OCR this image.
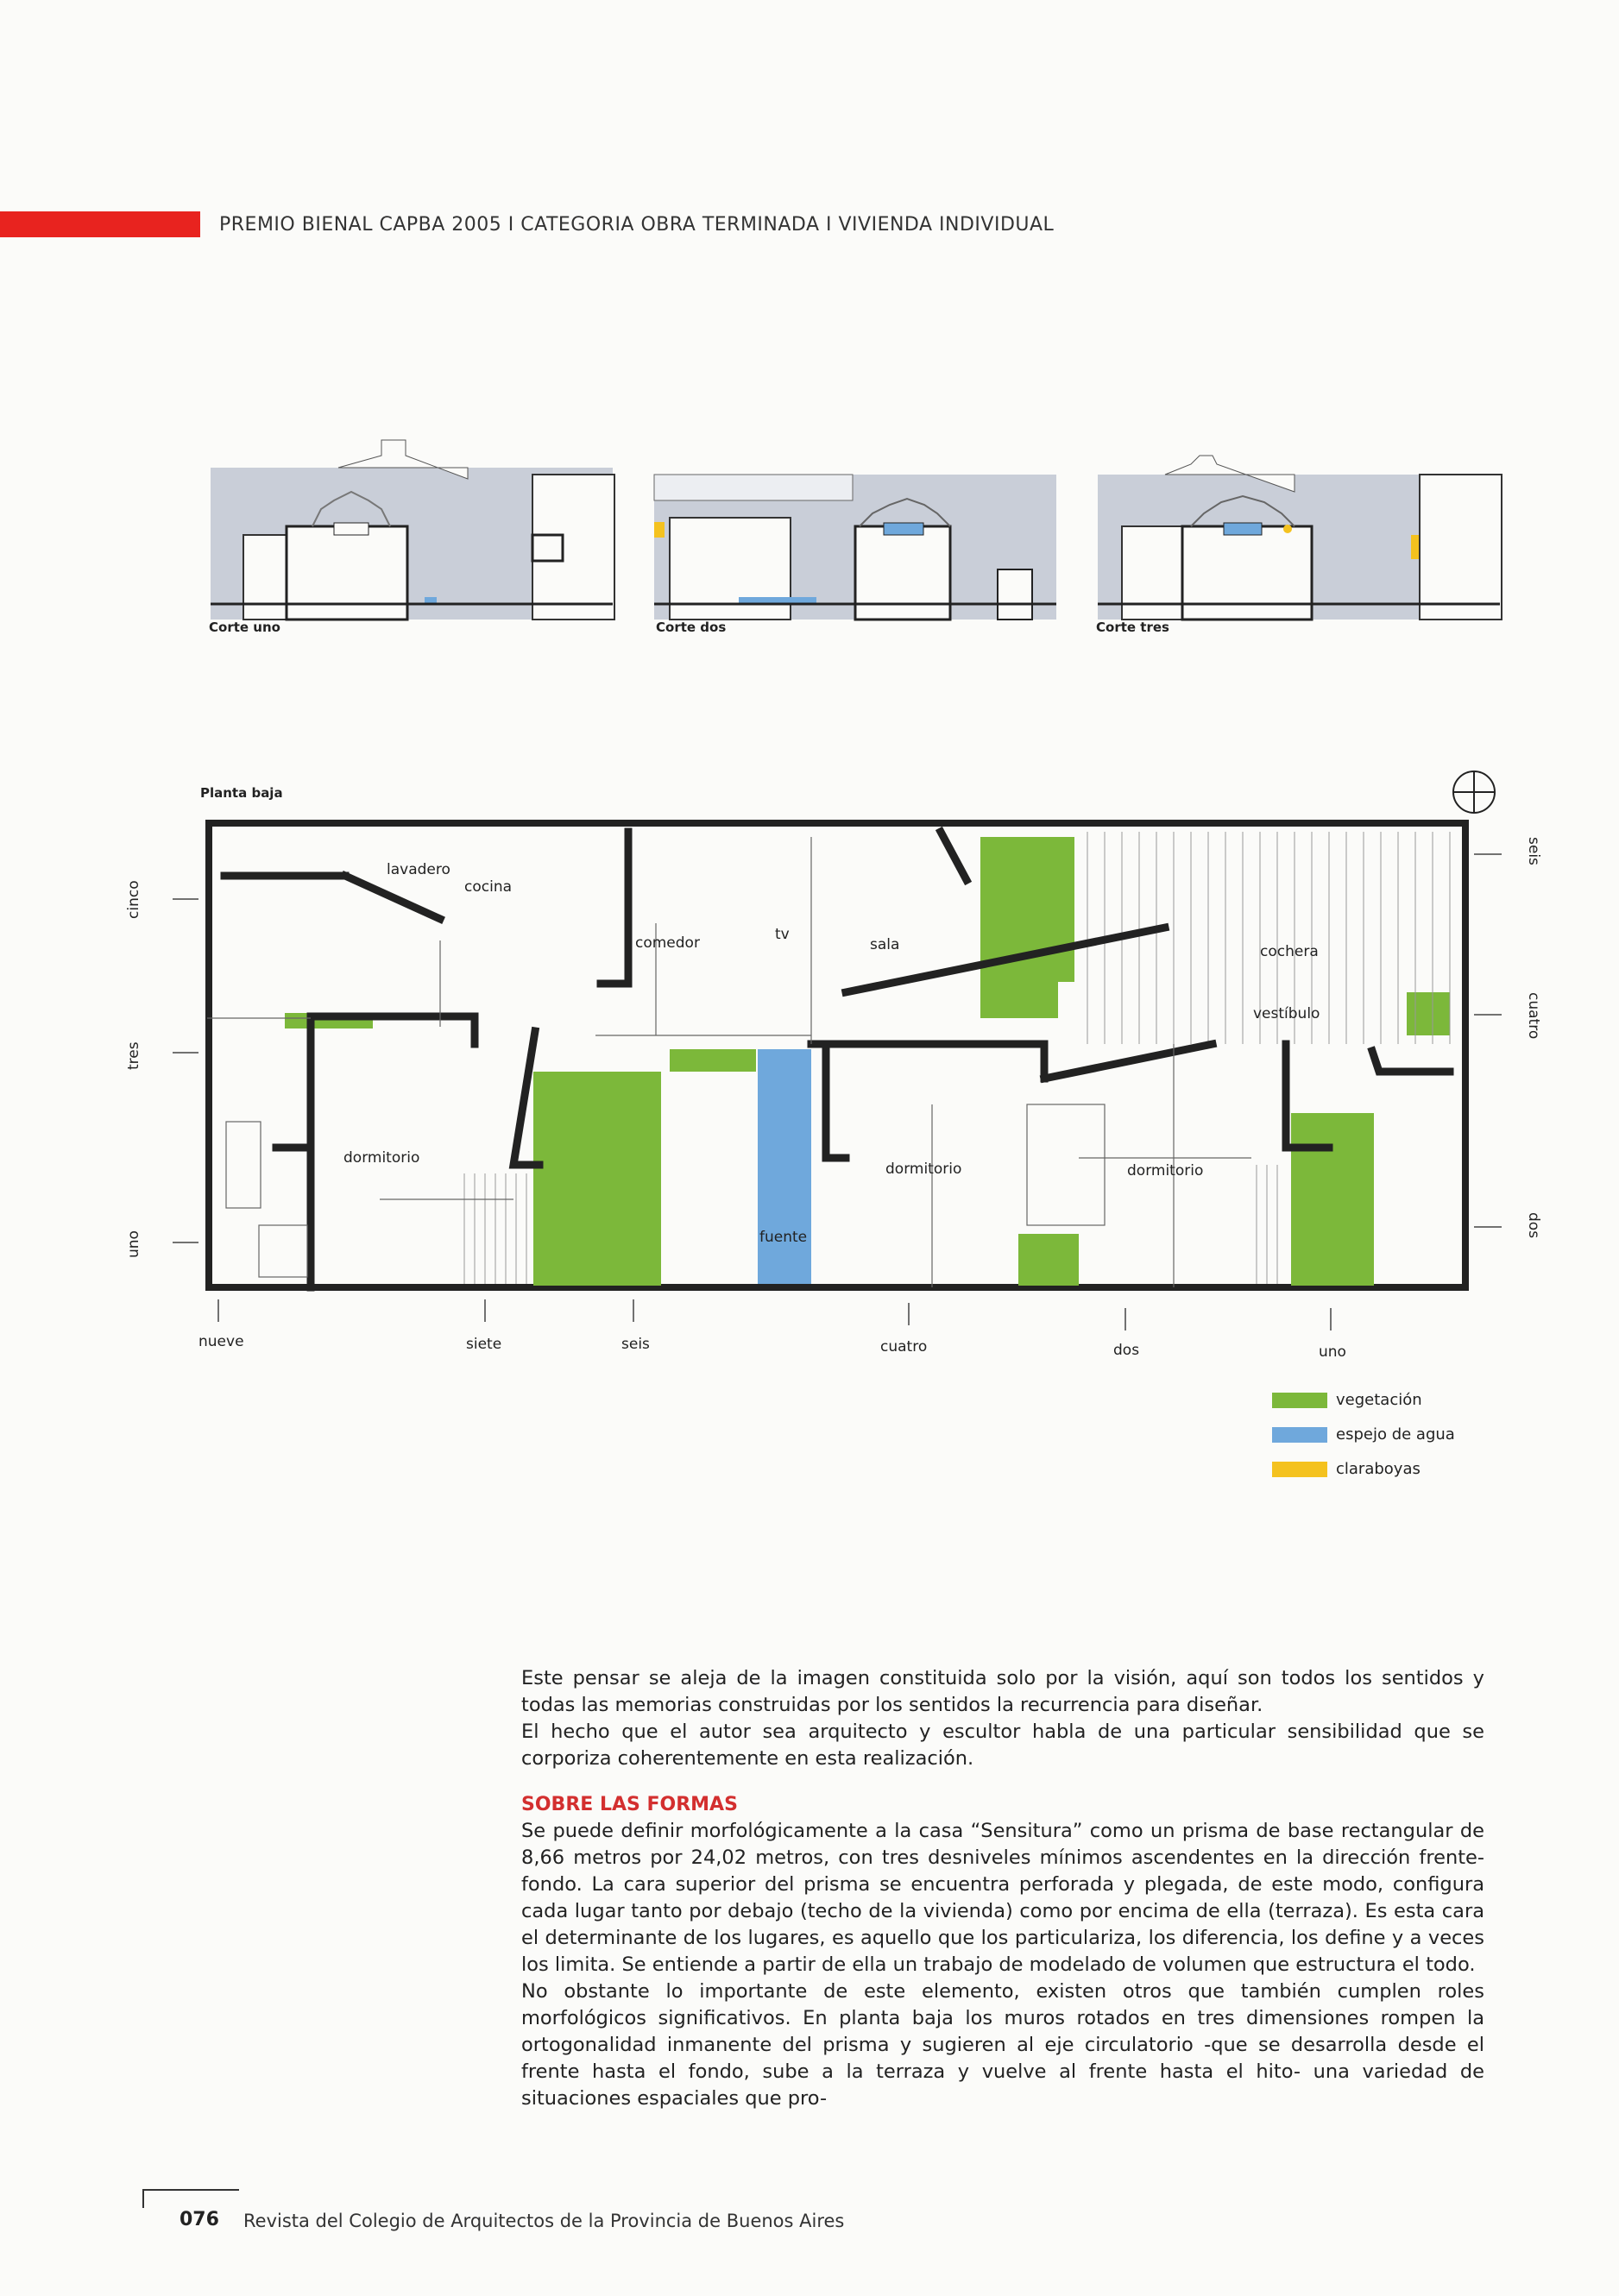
PREMIO BIENAL CAPBA 2005 I CATEGORIA OBRA TERMINADA I VIVIENDA INDIVIDUAL
Corte uno	Corte dos	Corte tres
Planta baja
lavadero
cocina
comedor	tv
sala	cochera
vestíbulo
dormitorio
dormitorio	dormitorio
fuente
nueve	siete	seis	cuatro	dos	uno
cinco
tres
uno
seis
cuatro
dos
vegetación
espejo de agua
claraboyas

Este pensar se aleja de la imagen constituida solo por la visión, aquí son todos los sentidos y todas las memorias construidas por los sentidos la recurrencia para diseñar.

El hecho que el autor sea arquitecto y escultor habla de una particular sensibilidad que se corporiza coherentemente en esta realización.

SOBRE LAS FORMAS

Se puede definir morfológicamente a la casa “Sensitura” como un prisma de base rectangular de 8,66 metros por 24,02 metros, con tres desniveles mínimos ascendentes en la dirección frente-fondo. La cara superior del prisma se encuentra perforada y plegada, de este modo, configura cada lugar tanto por debajo (techo de la vivienda) como por encima de ella (terraza). Es esta cara el determinante de los lugares, es aquello que los particulariza, los diferencia, los define y a veces los limita. Se entiende a partir de ella un trabajo de modelado de volumen que estructura el todo.

No obstante lo importante de este elemento, existen otros que también cumplen roles morfológicos significativos. En planta baja los muros rotados en tres dimensiones rompen la ortogonalidad inmanente del prisma y sugieren al eje circulatorio -que se desarrolla desde el frente hasta el fondo, sube a la terraza y vuelve al frente hasta el hito- una variedad de situaciones espaciales que pro-

076 Revista del Colegio de Arquitectos de la Provincia de Buenos Aires
